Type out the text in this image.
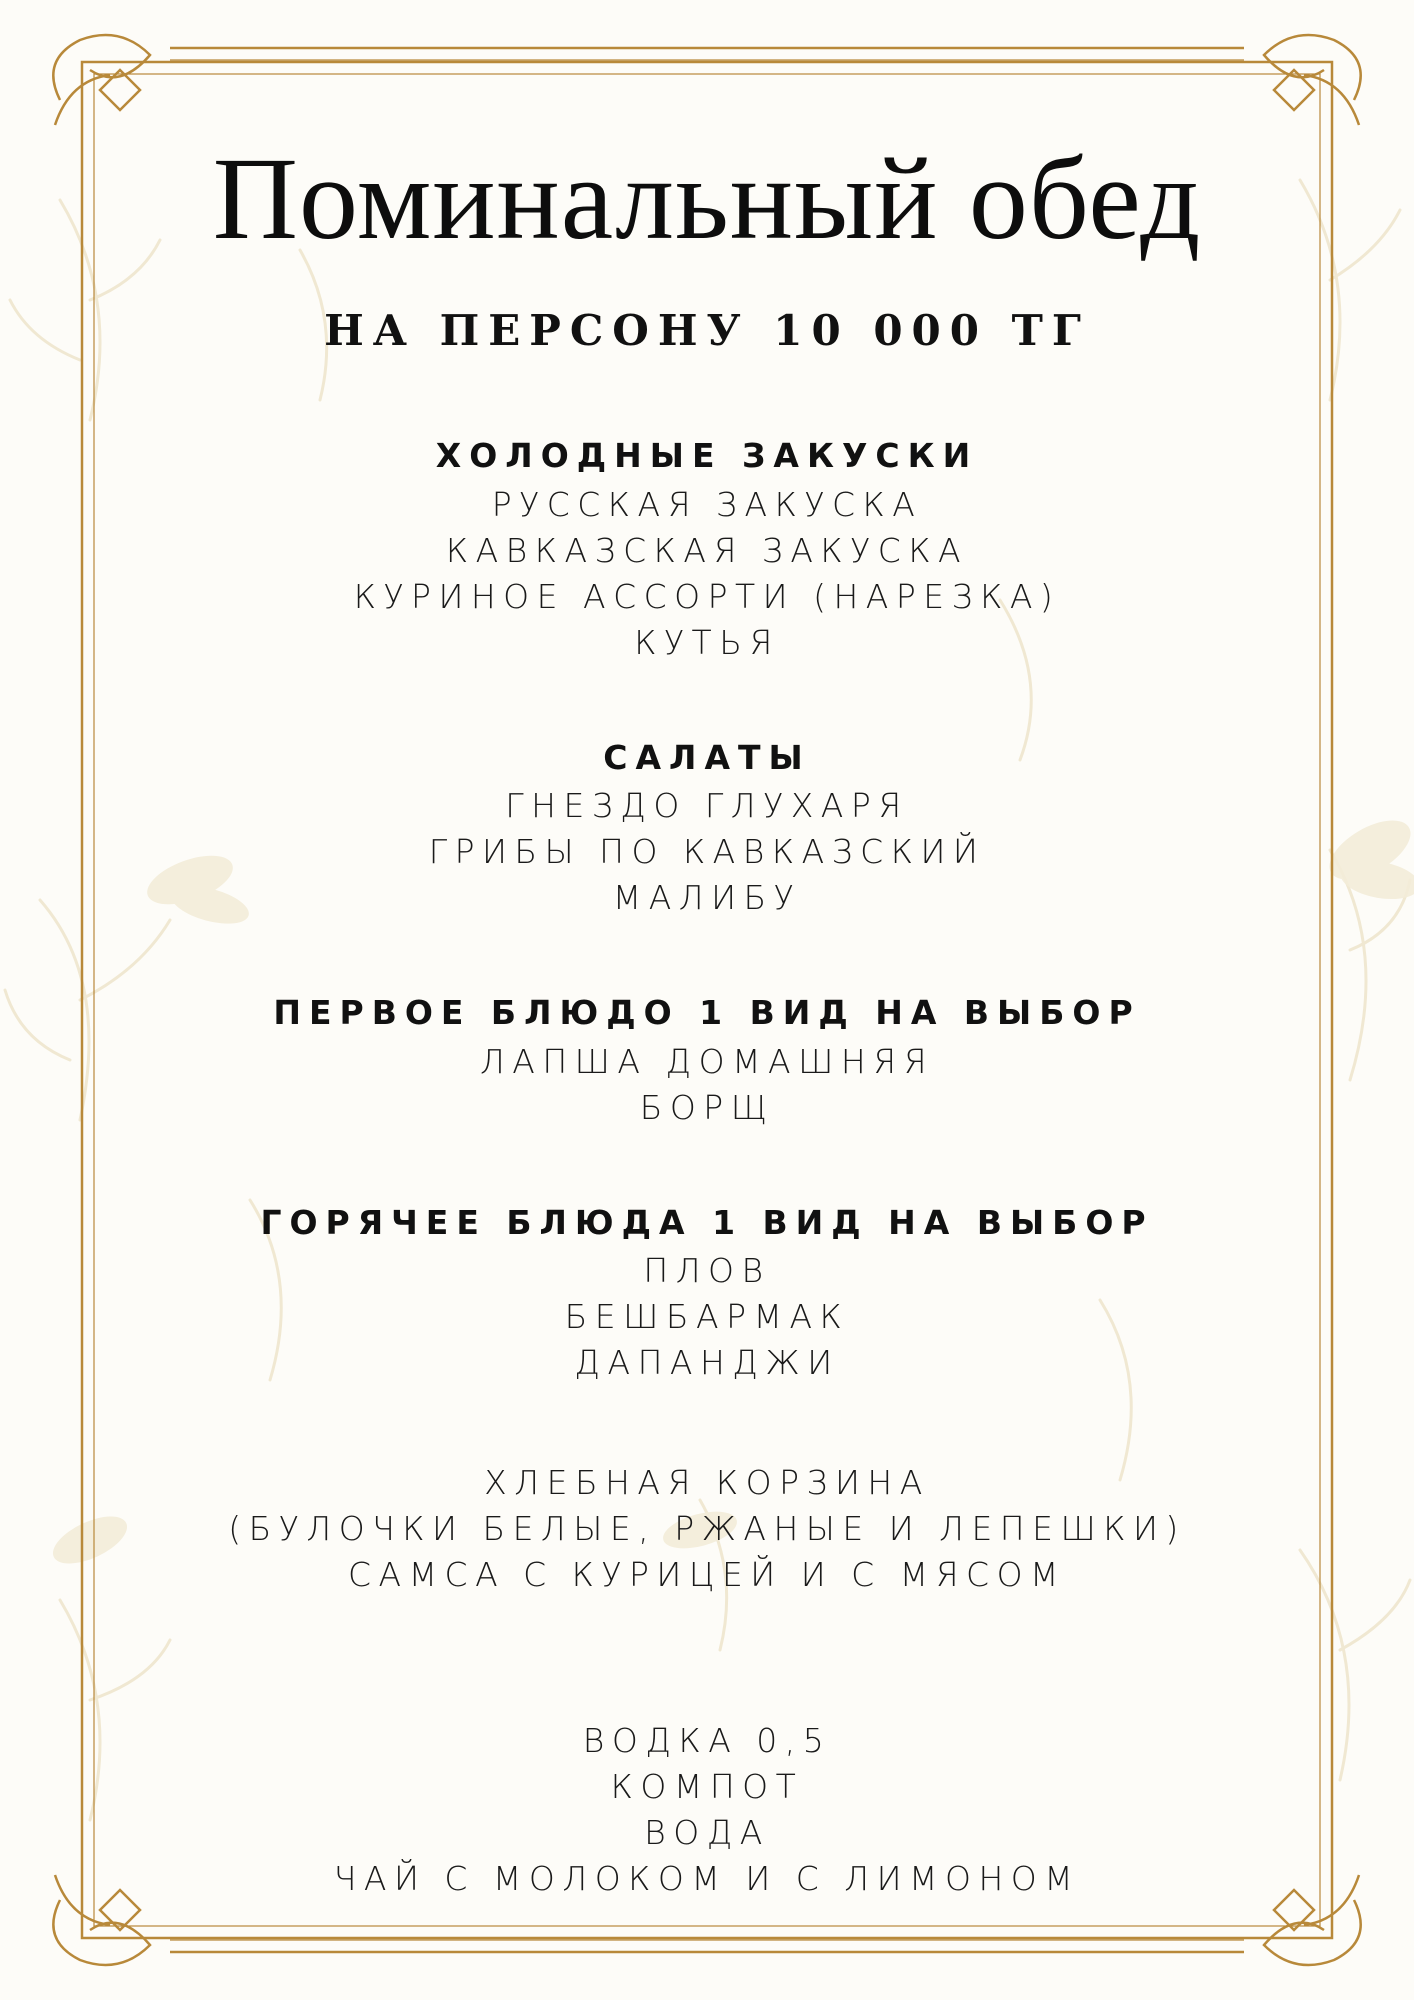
Поминальный обед
НА ПЕРСОНУ 10 000 ТГ
ХОЛОДНЫЕ ЗАКУСКИ
РУССКАЯ ЗАКУСКА
КАВКАЗСКАЯ ЗАКУСКА
КУРИНОЕ АССОРТИ (НАРЕЗКА)
КУТЬЯ
САЛАТЫ
ГНЕЗДО ГЛУХАРЯ
ГРИБЫ ПО КАВКАЗСКИЙ
МАЛИБУ
ПЕРВОЕ БЛЮДО 1 ВИД НА ВЫБОР
ЛАПША ДОМАШНЯЯ
БОРЩ
ГОРЯЧЕЕ БЛЮДА 1 ВИД НА ВЫБОР
ПЛОВ
БЕШБАРМАК
ДАПАНДЖИ
ХЛЕБНАЯ КОРЗИНА
(БУЛОЧКИ БЕЛЫЕ, РЖАНЫЕ И ЛЕПЕШКИ)
САМСА С КУРИЦЕЙ И С МЯСОМ
ВОДКА 0,5
КОМПОТ
ВОДА
ЧАЙ С МОЛОКОМ И С ЛИМОНОМ
